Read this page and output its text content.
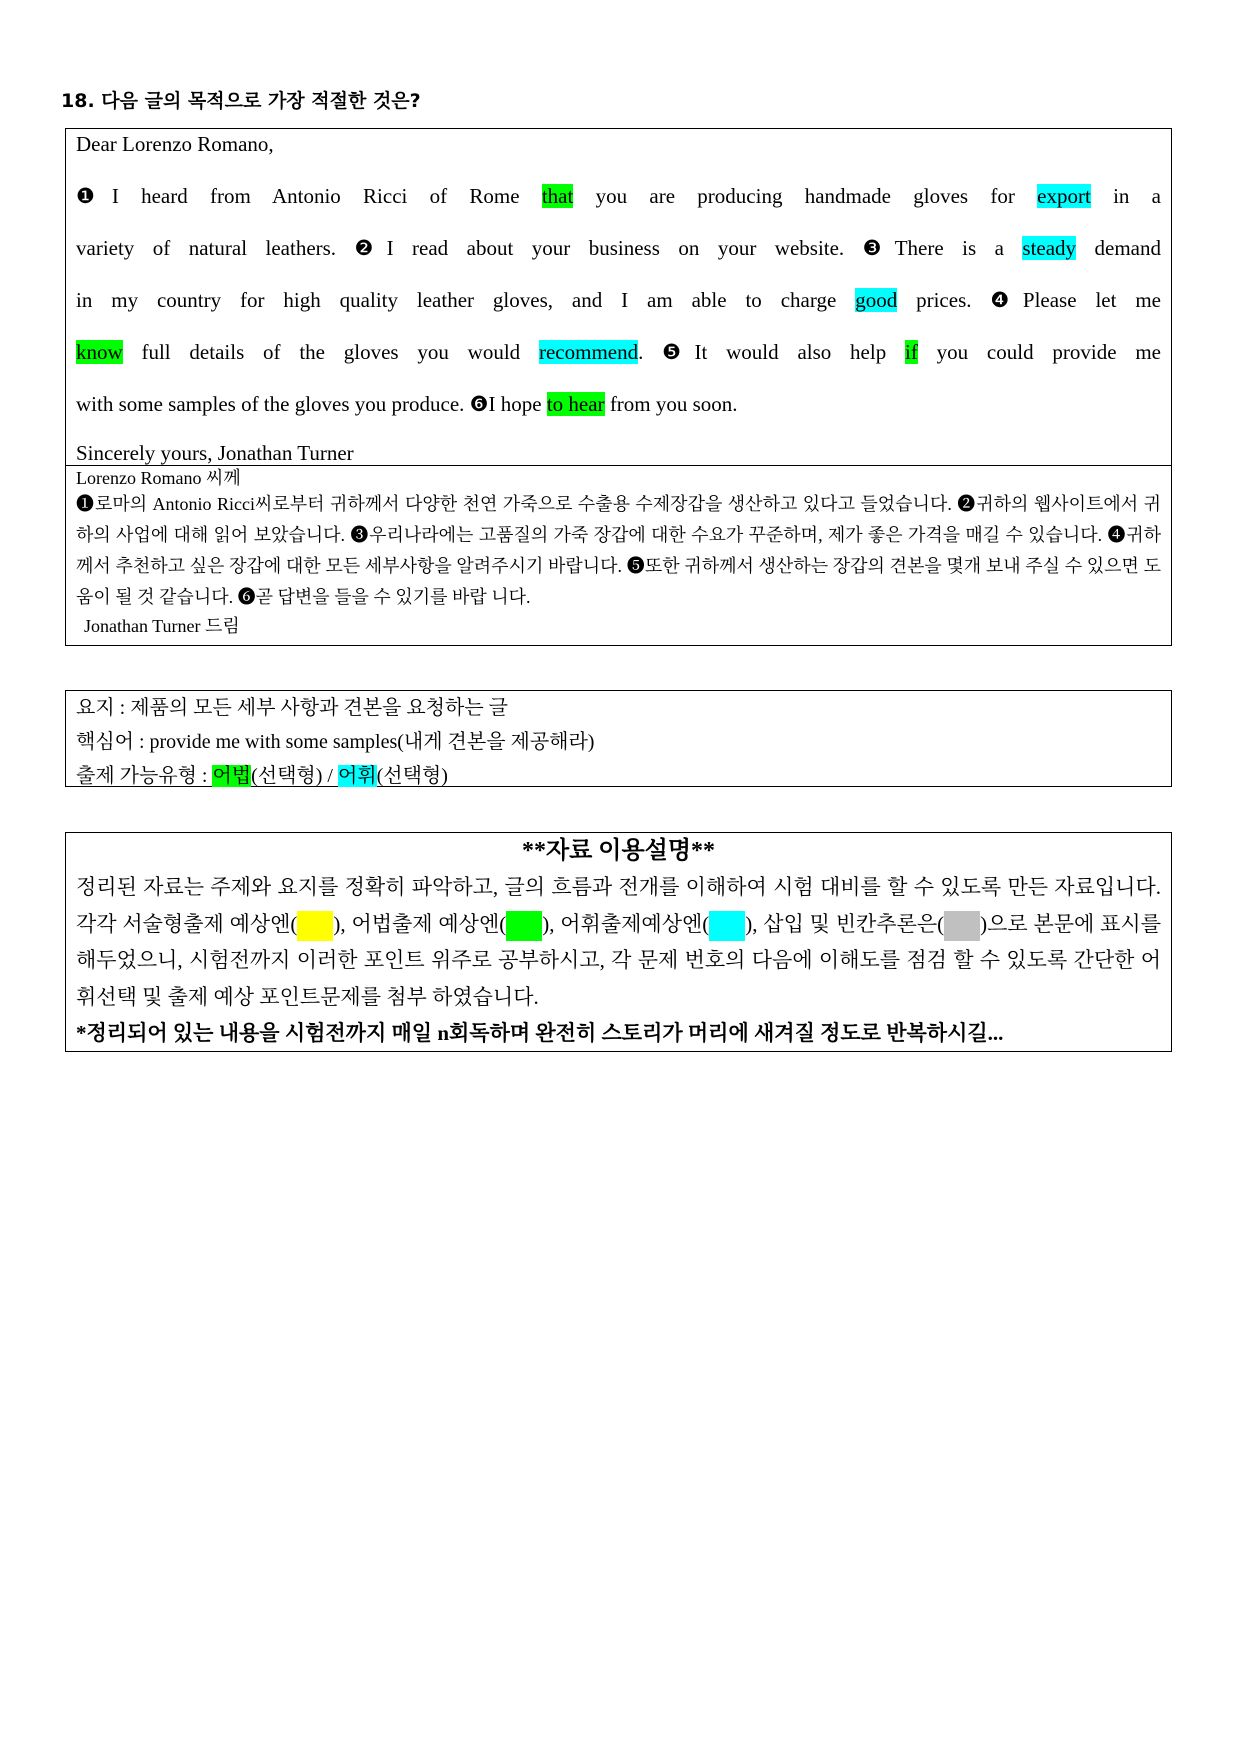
18. 다음 글의 목적으로 가장 적절한 것은?
Dear Lorenzo Romano,
❶I heard from Antonio Ricci of Rome that you are producing handmade gloves for export in a
variety of natural leathers. ❷I read about your business on your website. ❸There is a steady demand
in my country for high quality leather gloves, and I am able to charge good prices. ❹Please let me
know full details of the gloves you would recommend. ❺It would also help if you could provide me
with some samples of the gloves you produce. ❻I hope to hear from you soon.
Sincerely yours, Jonathan Turner
Lorenzo Romano 씨께
❶로마의 Antonio Ricci씨로부터 귀하께서 다양한 천연 가죽으로 수출용 수제장갑을 생산하고 있다고 들었습니다. ❷귀하의 웹사이트에서 귀하의 사업에 대해 읽어 보았습니다. ❸우리나라에는 고품질의 가죽 장갑에 대한 수요가 꾸준하며, 제가 좋은 가격을 매길 수 있습니다. ❹귀하께서 추천하고 싶은 장갑에 대한 모든 세부사항을 알려주시기 바랍니다. ❺또한 귀하께서 생산하는 장갑의 견본을 몇개 보내 주실 수 있으면 도움이 될 것 같습니다. ❻곧 답변을 들을 수 있기를 바랍 니다.
Jonathan Turner 드림
요지 : 제품의 모든 세부 사항과 견본을 요청하는 글
핵심어 : provide me with some samples(내게 견본을 제공해라)
출제 가능유형 : 어법(선택형) / 어휘(선택형)
**자료 이용설명**
정리된 자료는 주제와 요지를 정확히 파악하고, 글의 흐름과 전개를 이해하여 시험 대비를 할 수 있도록 만든 자료입니다. 각각 서술형출제 예상엔( ), 어법출제 예상엔( ), 어휘출제예상엔( ), 삽입 및 빈칸추론은( )으로 본문에 표시를 해두었으니, 시험전까지 이러한 포인트 위주로 공부하시고, 각 문제 번호의 다음에 이해도를 점검 할 수 있도록 간단한 어휘선택 및 출제 예상 포인트문제를 첨부 하였습니다.
*정리되어 있는 내용을 시험전까지 매일 n회독하며 완전히 스토리가 머리에 새겨질 정도로 반복하시길...
